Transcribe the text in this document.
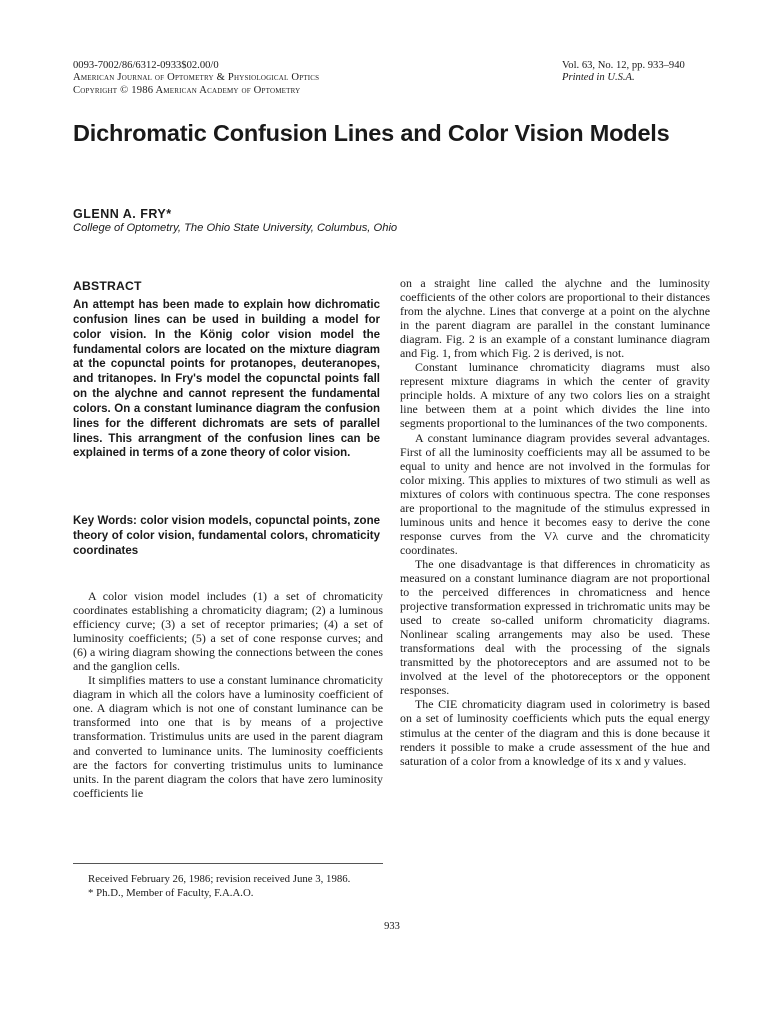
0093-7002/86/6312-0933$02.00/0
American Journal of Optometry & Physiological Optics
Copyright © 1986 American Academy of Optometry
Vol. 63, No. 12, pp. 933–940
Printed in U.S.A.
Dichromatic Confusion Lines and Color Vision Models
GLENN A. FRY*
College of Optometry, The Ohio State University, Columbus, Ohio
ABSTRACT

An attempt has been made to explain how dichromatic confusion lines can be used in building a model for color vision. In the König color vision model the fundamental colors are located on the mixture diagram at the copunctal points for protanopes, deuteranopes, and tritanopes. In Fry's model the copunctal points fall on the alychne and cannot represent the fundamental colors. On a constant luminance diagram the confusion lines for the different dichromats are sets of parallel lines. This arrangment of the confusion lines can be explained in terms of a zone theory of color vision.

Key Words: color vision models, copunctal points, zone theory of color vision, fundamental colors, chromaticity coordinates

A color vision model includes (1) a set of chromaticity coordinates establishing a chromaticity diagram; (2) a luminous efficiency curve; (3) a set of receptor primaries; (4) a set of luminosity coefficients; (5) a set of cone response curves; and (6) a wiring diagram showing the connections between the cones and the ganglion cells.

It simplifies matters to use a constant luminance chromaticity diagram in which all the colors have a luminosity coefficient of one. A diagram which is not one of constant luminance can be transformed into one that is by means of a projective transformation. Tristimulus units are used in the parent diagram and converted to luminance units. The luminosity coefficients are the factors for converting tristimulus units to luminance units. In the parent diagram the colors that have zero luminosity coefficients lie

Received February 26, 1986; revision received June 3, 1986.

* Ph.D., Member of Faculty, F.A.A.O.

on a straight line called the alychne and the luminosity coefficients of the other colors are proportional to their distances from the alychne. Lines that converge at a point on the alychne in the parent diagram are parallel in the constant luminance diagram. Fig. 2 is an example of a constant luminance diagram and Fig. 1, from which Fig. 2 is derived, is not.

Constant luminance chromaticity diagrams must also represent mixture diagrams in which the center of gravity principle holds. A mixture of any two colors lies on a straight line between them at a point which divides the line into segments proportional to the luminances of the two components.

A constant luminance diagram provides several advantages. First of all the luminosity coefficients may all be assumed to be equal to unity and hence are not involved in the formulas for color mixing. This applies to mixtures of two stimuli as well as mixtures of colors with continuous spectra. The cone responses are proportional to the magnitude of the stimulus expressed in luminous units and hence it becomes easy to derive the cone response curves from the Vλ curve and the chromaticity coordinates.

The one disadvantage is that differences in chromaticity as measured on a constant luminance diagram are not proportional to the perceived differences in chromaticness and hence projective transformation expressed in trichromatic units may be used to create so-called uniform chromaticity diagrams. Nonlinear scaling arrangements may also be used. These transformations deal with the processing of the signals transmitted by the photoreceptors and are assumed not to be involved at the level of the photoreceptors or the opponent responses.

The CIE chromaticity diagram used in colorimetry is based on a set of luminosity coefficients which puts the equal energy stimulus at the center of the diagram and this is done because it renders it possible to make a crude assessment of the hue and saturation of a color from a knowledge of its x and y values.

933
